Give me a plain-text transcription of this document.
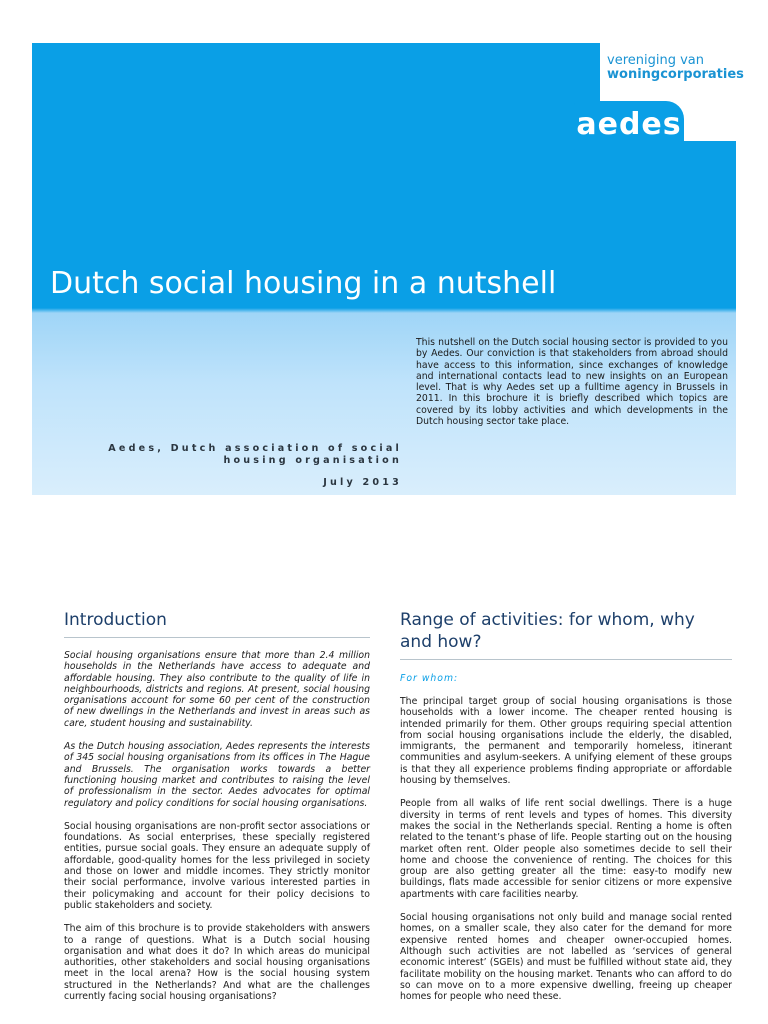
vereniging van
woningcorporaties
aedes
Dutch social housing in a nutshell
This nutshell on the Dutch social housing sector is provided to you by Aedes. Our conviction is that stakeholders from abroad should have access to this information, since exchanges of knowledge and international contacts lead to new insights on an European level. That is why Aedes set up a fulltime agency in Brussels in 2011. In this brochure it is briefly described which topics are covered by its lobby activities and which developments in the Dutch housing sector take place.
Aedes, Dutch association of social housing organisation
July 2013
Introduction

Social housing organisations ensure that more than 2.4 million households in the Netherlands have access to adequate and affordable housing. They also contribute to the quality of life in neighbourhoods, districts and regions. At present, social housing organisations account for some 60 per cent of the construction of new dwellings in the Netherlands and invest in areas such as care, student housing and sustainability.

As the Dutch housing association, Aedes represents the interests of 345 social housing organisations from its offices in The Hague and Brussels. The organisation works towards a better functioning housing market and contributes to raising the level of professionalism in the sector. Aedes advocates for optimal regulatory and policy conditions for social housing organisations.

Social housing organisations are non-profit sector associations or foundations. As social enterprises, these specially registered entities, pursue social goals. They ensure an adequate supply of affordable, good-quality homes for the less privileged in society and those on lower and middle incomes. They strictly monitor their social performance, involve various interested parties in their policymaking and account for their policy decisions to public stakeholders and society.

The aim of this brochure is to provide stakeholders with answers to a range of questions. What is a Dutch social housing organisation and what does it do? In which areas do municipal authorities, other stakeholders and social housing organisations meet in the local arena? How is the social housing system structured in the Netherlands? And what are the challenges currently facing social housing organisations?

Range of activities: for whom, why and how?

For whom:

The principal target group of social housing organisations is those households with a lower income. The cheaper rented housing is intended primarily for them. Other groups requiring special attention from social housing organisations include the elderly, the disabled, immigrants, the permanent and temporarily homeless, itinerant communities and asylum-seekers. A unifying element of these groups is that they all experience problems finding appropriate or affordable housing by themselves.

People from all walks of life rent social dwellings. There is a huge diversity in terms of rent levels and types of homes. This diversity makes the social in the Netherlands special. Renting a home is often related to the tenant’s phase of life. People starting out on the housing market often rent. Older people also sometimes decide to sell their home and choose the convenience of renting. The choices for this group are also getting greater all the time: easy-to modify new buildings, flats made accessible for senior citizens or more expensive apartments with care facilities nearby.

Social housing organisations not only build and manage social rented homes, on a smaller scale, they also cater for the demand for more expensive rented homes and cheaper owner-occupied homes. Although such activities are not labelled as ‘services of general economic interest’ (SGEIs) and must be fulfilled without state aid, they facilitate mobility on the housing market. Tenants who can afford to do so can move on to a more expensive dwelling, freeing up cheaper homes for people who need these.
